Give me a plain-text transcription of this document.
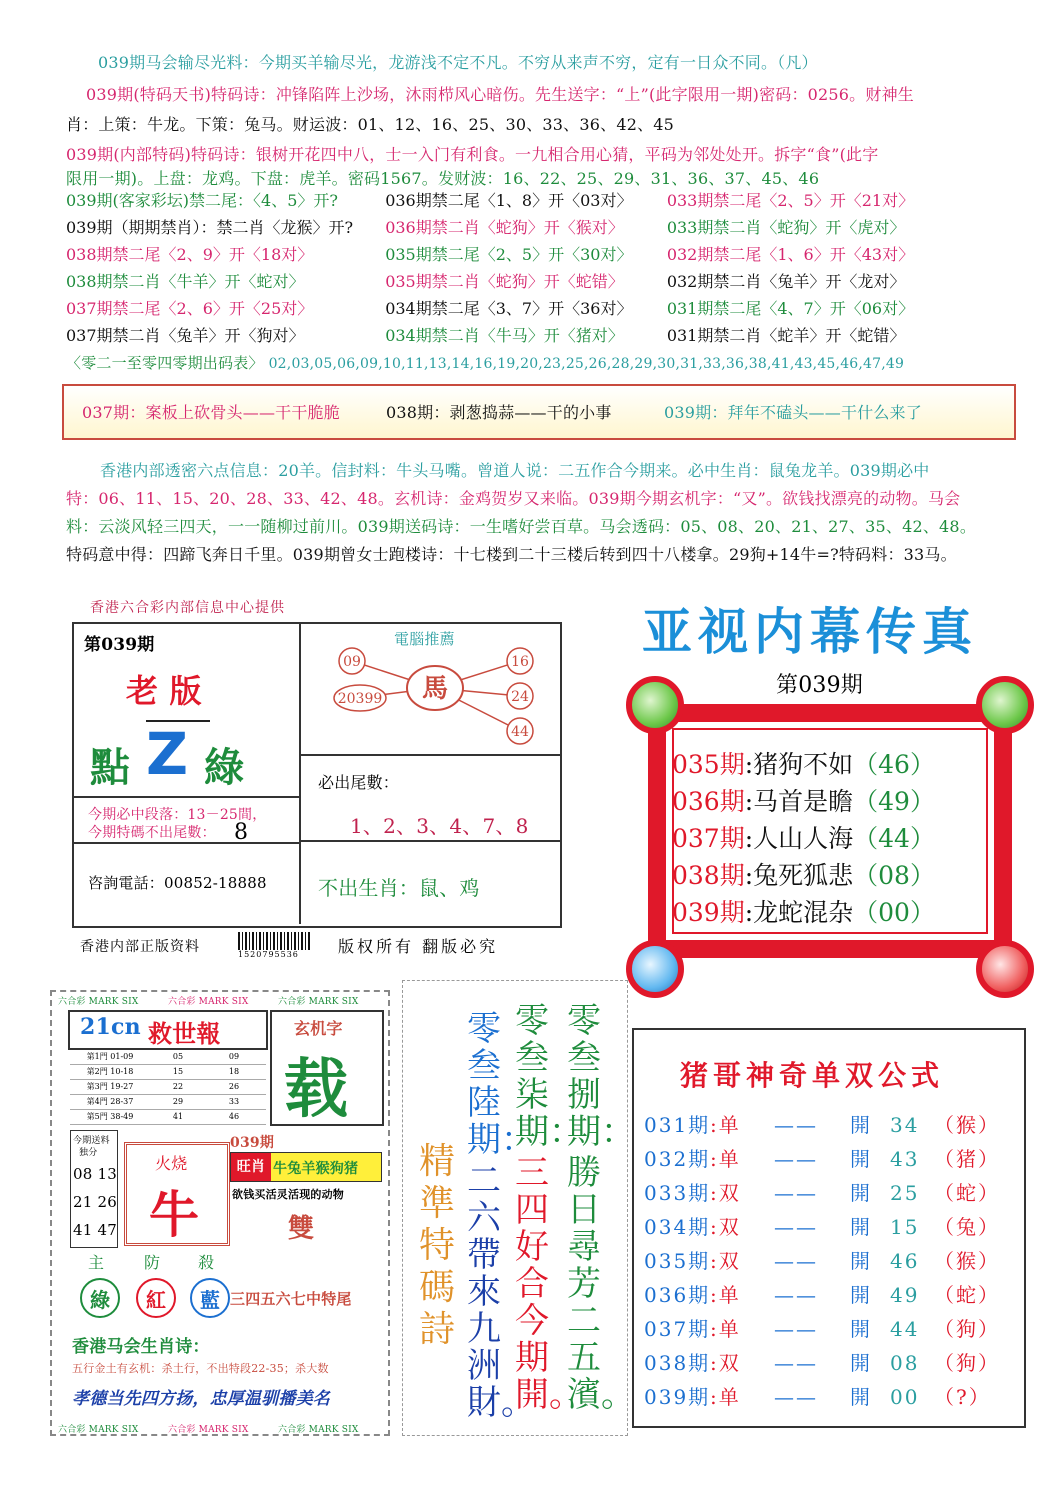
039期马会输尽光料：今期买羊输尽光，龙游浅不定不凡。不穷从来声不穷，定有一日众不同。（凡）
039期(特码天书)特码诗：冲锋陷阵上沙场，沐雨栉风心暗伤。先生送字：“上”(此字限用一期)密码：0256。财神生
肖：上策：牛龙。下策：兔马。财运波：01、12、16、25、30、33、36、42、45
039期(内部特码)特码诗：银树开花四中八，士一入门有利食。一九相合用心猜，平码为邻处处开。拆字“食”(此字
限用一期)。上盘：龙鸡。下盘：虎羊。密码1567。发财波：16、22、25、29、31、36、37、45、46
039期(客家彩坛)禁二尾：〈4、5〉开?	036期禁二尾〈1、8〉开〈03对〉	033期禁二尾〈2、5〉开〈21对〉
039期（期期禁肖）：禁二肖〈龙猴〉开?	036期禁二肖〈蛇狗〉开〈猴对〉	033期禁二肖〈蛇狗〉开〈虎对〉
038期禁二尾〈2、9〉开〈18对〉	035期禁二尾〈2、5〉开〈30对〉	032期禁二尾〈1、6〉开〈43对〉
038期禁二肖〈牛羊〉开〈蛇对〉	035期禁二肖〈蛇狗〉开〈蛇错〉	032期禁二肖〈兔羊〉开〈龙对〉
037期禁二尾〈2、6〉开〈25对〉	034期禁二尾〈3、7〉开〈36对〉	031期禁二尾〈4、7〉开〈06对〉
037期禁二肖〈兔羊〉开〈狗对〉	034期禁二肖〈牛马〉开〈猪对〉	031期禁二肖〈蛇羊〉开〈蛇错〉
〈零二一至零四零期出码表〉 02,03,05,06,09,10,11,13,14,16,19,20,23,25,26,28,29,30,31,33,36,38,41,43,45,46,47,49
037期：案板上砍骨头——干干脆脆	038期：剥葱捣蒜——干的小事	039期：拜年不磕头——干什么来了
香港内部透密六点信息：20羊。信封料：牛头马嘴。曾道人说：二五作合今期来。必中生肖：鼠兔龙羊。039期必中
特：06、11、15、20、28、33、42、48。玄机诗：金鸡贺岁又来临。039期今期玄机字：“又”。欲钱找漂亮的动物。马会
料：云淡风轻三四天，一一随柳过前川。039期送码诗：一生嗜好尝百草。马会透码：05、08、20、21、27、35、42、48。
特码意中得：四蹄飞奔日千里。039期曾女士跑楼诗：十七楼到二十三楼后转到四十八楼拿。29狗+14牛=?特码料：33马。
香港六合彩内部信息中心提供
第039期
老 版
點 Z 綠
今期必中段落：13－25間，
今期特碼不出尾數： 8
咨詢電話：00852-18888
電腦推薦
09
20399
16
24
44
馬
必出尾數：
1、2、3、4、7、8
不出生肖：鼠、鸡
香港内部正版资料	1520795536 版权所有 翻版必究
亚视内幕传真
第039期
035期:猪狗不如（46）
036期:马首是瞻（49）
037期:人山人海（44）
038期:兔死狐悲（08）
039期:龙蛇混杂（00）
六合彩 MARK SIX	六合彩 MARK SIX	六合彩 MARK SIX
六合彩 MARK SIX	六合彩 MARK SIX	六合彩 MARK SIX
21cn 救世報
第1門 01-09	05	09
第2門 10-18	15	18
第3門 19-27	22	26
第4門 28-37	29	33
第5門 38-49	41	46
玄机字
载
今期送料
独分
08 13
21 26
41 47
火烧
牛
039期
旺肖 牛兔羊猴狗猪
欲钱买活灵活现的动物
雙
主 防 殺
綠	紅	藍 三四五六七中特尾
香港马会生肖诗：
五行金土有玄机：杀土行，不出特段22-35；杀大数
孝德当先四方扬，忠厚温驯播美名
精準特碼詩
零叁陸期：
二六帶來九洲財。
零叁柒期：
三四好合今期開。
零叁捌期：
勝日尋芳二五濱。
猪哥神奇单双公式
031期 :单 —— 開 34 （猴）
032期 :单 —— 開 43 （猪）
033期 :双 —— 開 25 （蛇）
034期 :双 —— 開 15 （兔）
035期 :双 —— 開 46 （猴）
036期 :单 —— 開 49 （蛇）
037期 :单 —— 開 44 （狗）
038期 :双 —— 開 08 （狗）
039期 :单 —— 開 00 （?）
